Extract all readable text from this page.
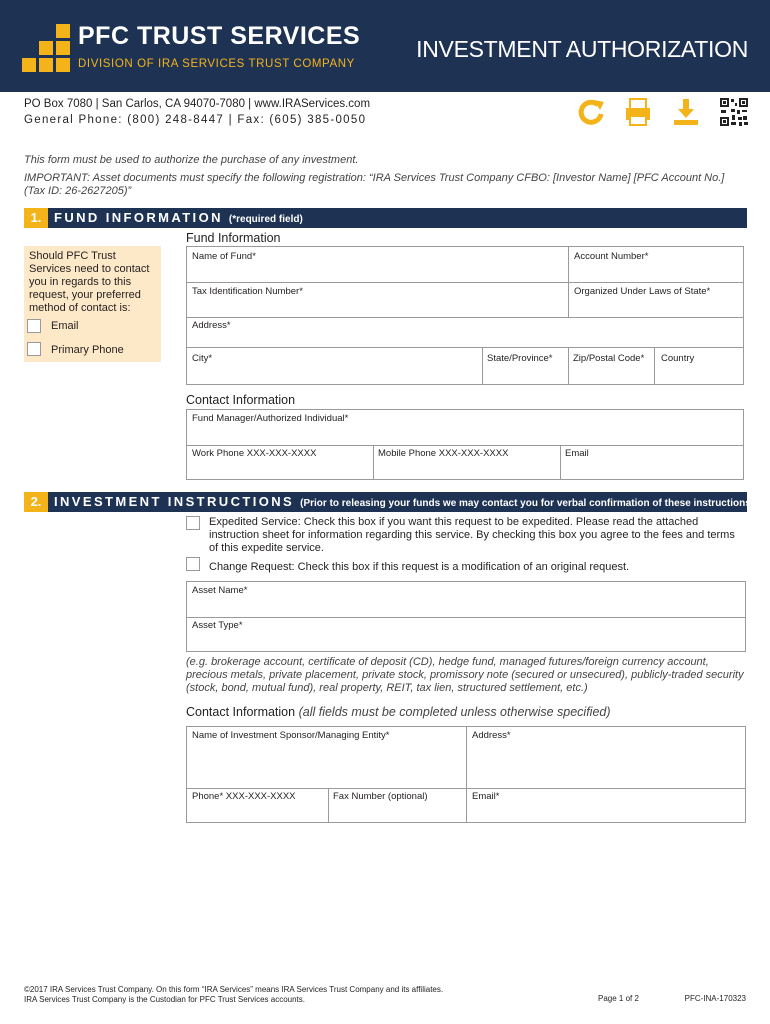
PFC TRUST SERVICES
DIVISION OF IRA SERVICES TRUST COMPANY
INVESTMENT AUTHORIZATION
PO Box 7080 | San Carlos, CA 94070-7080 | www.IRAServices.com
General Phone: (800) 248-8447 | Fax: (605) 385-0050
This form must be used to authorize the purchase of any investment.
IMPORTANT: Asset documents must specify the following registration: “IRA Services Trust Company CFBO: [Investor Name] [PFC Account No.] (Tax ID: 26-2627205)”
1. FUND INFORMATION (*required field)
Fund Information
Should PFC Trust Services need to contact you in regards to this request, your preferred method of contact is:
Email
Primary Phone
Name of Fund*	Account Number*
Tax Identification Number*	Organized Under Laws of State*
Address*
City*	State/Province* Zip/Postal Code* Country
Contact Information
Fund Manager/Authorized Individual*
Work Phone XXX-XXX-XXXX	Mobile Phone XXX-XXX-XXXX	Email
2. INVESTMENT INSTRUCTIONS (Prior to releasing your funds we may contact you for verbal confirmation of these instructions.)
Expedited Service: Check this box if you want this request to be expedited. Please read the attached instruction sheet for information regarding this service. By checking this box you agree to the fees and terms of this expedite service.
Change Request: Check this box if this request is a modification of an original request.
Asset Name*
Asset Type*
(e.g. brokerage account, certificate of deposit (CD), hedge fund, managed futures/foreign currency account, precious metals, private placement, private stock, promissory note (secured or unsecured), publicly-traded security (stock, bond, mutual fund), real property, REIT, tax lien, structured settlement, etc.)
Contact Information (all fields must be completed unless otherwise specified)
Name of Investment Sponsor/Managing Entity*	Address*
Phone* XXX-XXX-XXXX	Fax Number (optional)	Email*
©2017 IRA Services Trust Company. On this form “IRA Services” means IRA Services Trust Company and its affiliates.
IRA Services Trust Company is the Custodian for PFC Trust Services accounts.	Page 1 of 2	PFC-INA-170323
